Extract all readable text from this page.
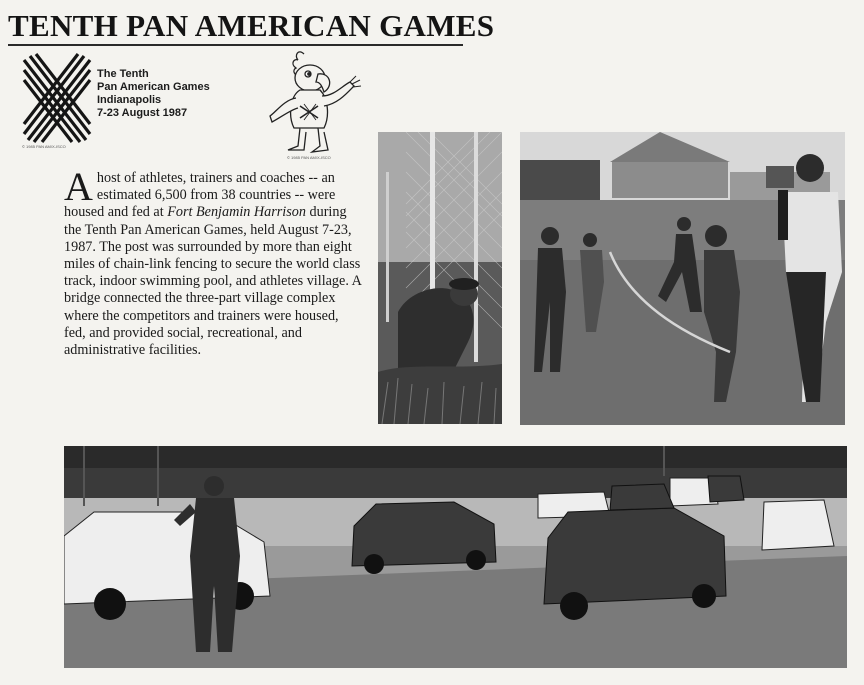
TENTH PAN AMERICAN GAMES
© 1985 PAN AM/X-ISCO
The Tenth
Pan American Games
Indianapolis
7-23 August 1987
© 1985 PAN AM/X-ISCO
A host of athletes, trainers and coaches -- an estimated 6,500 from 38 countries -- were housed and fed at Fort Benjamin Harrison during the Tenth Pan American Games, held August 7-23, 1987. The post was surrounded by more than eight miles of chain-link fencing to secure the world class track, indoor swimming pool, and athletes village. A bridge connected the three-part village complex where the competitors and trainers were housed, fed, and provided social, recreational, and administrative facilities.
